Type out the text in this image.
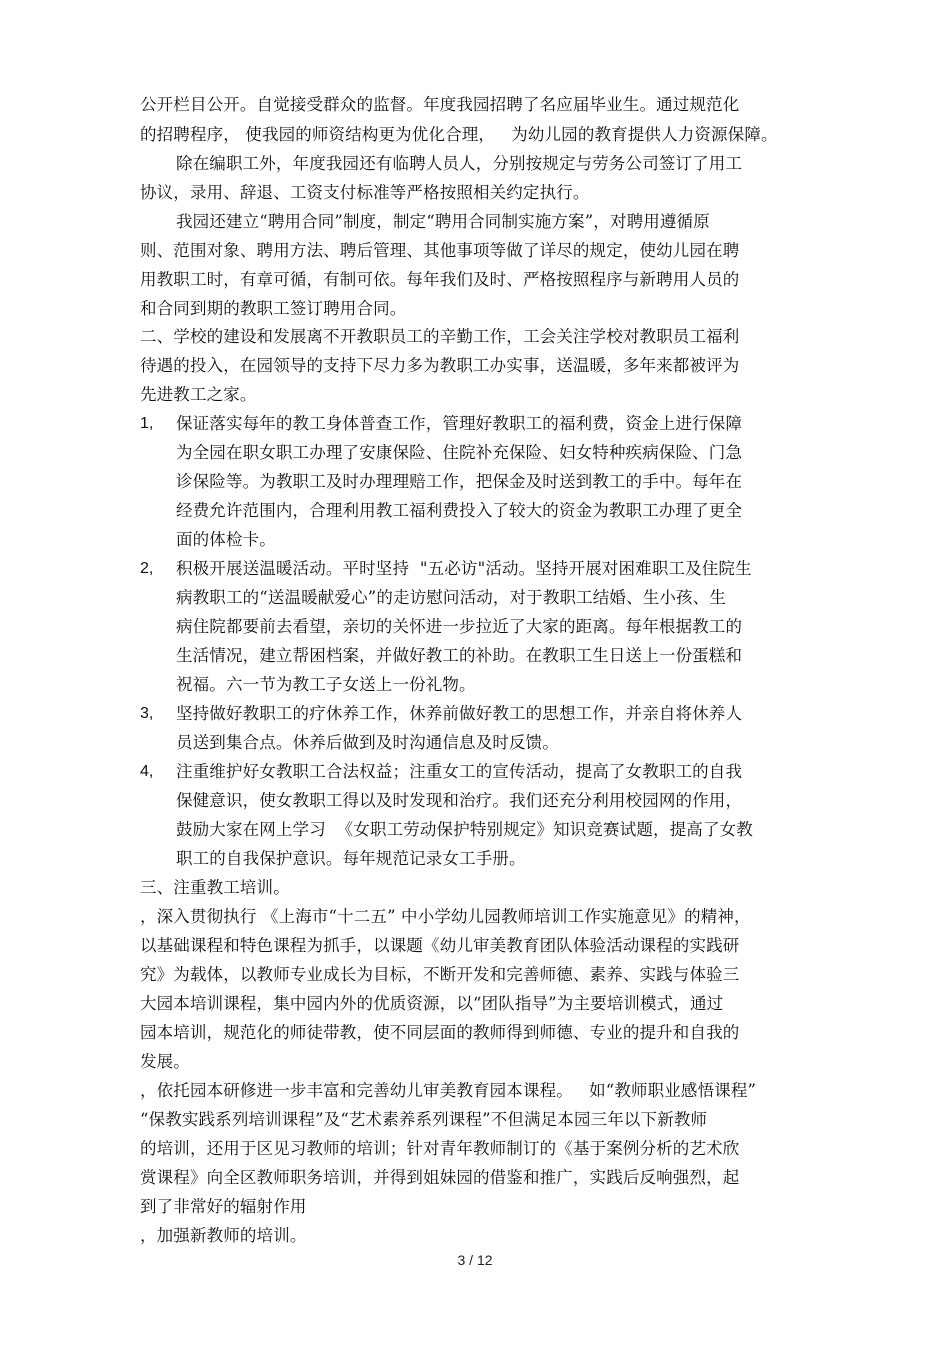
公开栏目公开。自觉接受群众的监督。年度我园招聘了名应届毕业生。通过规范化
的招聘程序， 使我园的师资结构更为优化合理，   为幼儿园的教育提供人力资源保障。
除在编职工外，年度我园还有临聘人员人，分别按规定与劳务公司签订了用工
协议，录用、辞退、工资支付标准等严格按照相关约定执行。
我园还建立“聘用合同”制度，制定“聘用合同制实施方案”，对聘用遵循原
则、范围对象、聘用方法、聘后管理、其他事项等做了详尽的规定，使幼儿园在聘
用教职工时，有章可循，有制可依。每年我们及时、严格按照程序与新聘用人员的
和合同到期的教职工签订聘用合同。
二、学校的建设和发展离不开教职员工的辛勤工作，工会关注学校对教职员工福利
待遇的投入，在园领导的支持下尽力多为教职工办实事，送温暖，多年来都被评为
先进教工之家。
1, 保证落实每年的教工身体普查工作，管理好教职工的福利费，资金上进行保障
为全园在职女职工办理了安康保险、住院补充保险、妇女特种疾病保险、门急
诊保险等。为教职工及时办理理赔工作，把保金及时送到教工的手中。每年在
经费允许范围内，合理利用教工福利费投入了较大的资金为教职工办理了更全
面的体检卡。
2, 积极开展送温暖活动。平时坚持  "五必访"活动。坚持开展对困难职工及住院生
病教职工的“送温暖献爱心”的走访慰问活动，对于教职工结婚、生小孩、生
病住院都要前去看望，亲切的关怀进一步拉近了大家的距离。每年根据教工的
生活情况，建立帮困档案，并做好教工的补助。在教职工生日送上一份蛋糕和
祝福。六一节为教工子女送上一份礼物。
3, 坚持做好教职工的疗休养工作，休养前做好教工的思想工作，并亲自将休养人
员送到集合点。休养后做到及时沟通信息及时反馈。
4, 注重维护好女教职工合法权益；注重女工的宣传活动，提高了女教职工的自我
保健意识，使女教职工得以及时发现和治疗。我们还充分利用校园网的作用，
鼓励大家在网上学习  《女职工劳动保护特别规定》知识竞赛试题，提高了女教
职工的自我保护意识。每年规范记录女工手册。
三、注重教工培训。
，深入贯彻执行 《上海市“十二五” 中小学幼儿园教师培训工作实施意见》的精神，
以基础课程和特色课程为抓手，以课题《幼儿审美教育团队体验活动课程的实践研
究》为载体，以教师专业成长为目标，不断开发和完善师德、素养、实践与体验三
大园本培训课程，集中园内外的优质资源，以“团队指导”为主要培训模式，通过
园本培训，规范化的师徒带教，使不同层面的教师得到师德、专业的提升和自我的
发展。
，依托园本研修进一步丰富和完善幼儿审美教育园本课程。   如“教师职业感悟课程”
“保教实践系列培训课程”及“艺术素养系列课程”不但满足本园三年以下新教师
的培训，还用于区见习教师的培训；针对青年教师制订的《基于案例分析的艺术欣
赏课程》向全区教师职务培训，并得到姐妹园的借鉴和推广，实践后反响强烈，起
到了非常好的辐射作用
，加强新教师的培训。
3 / 12
